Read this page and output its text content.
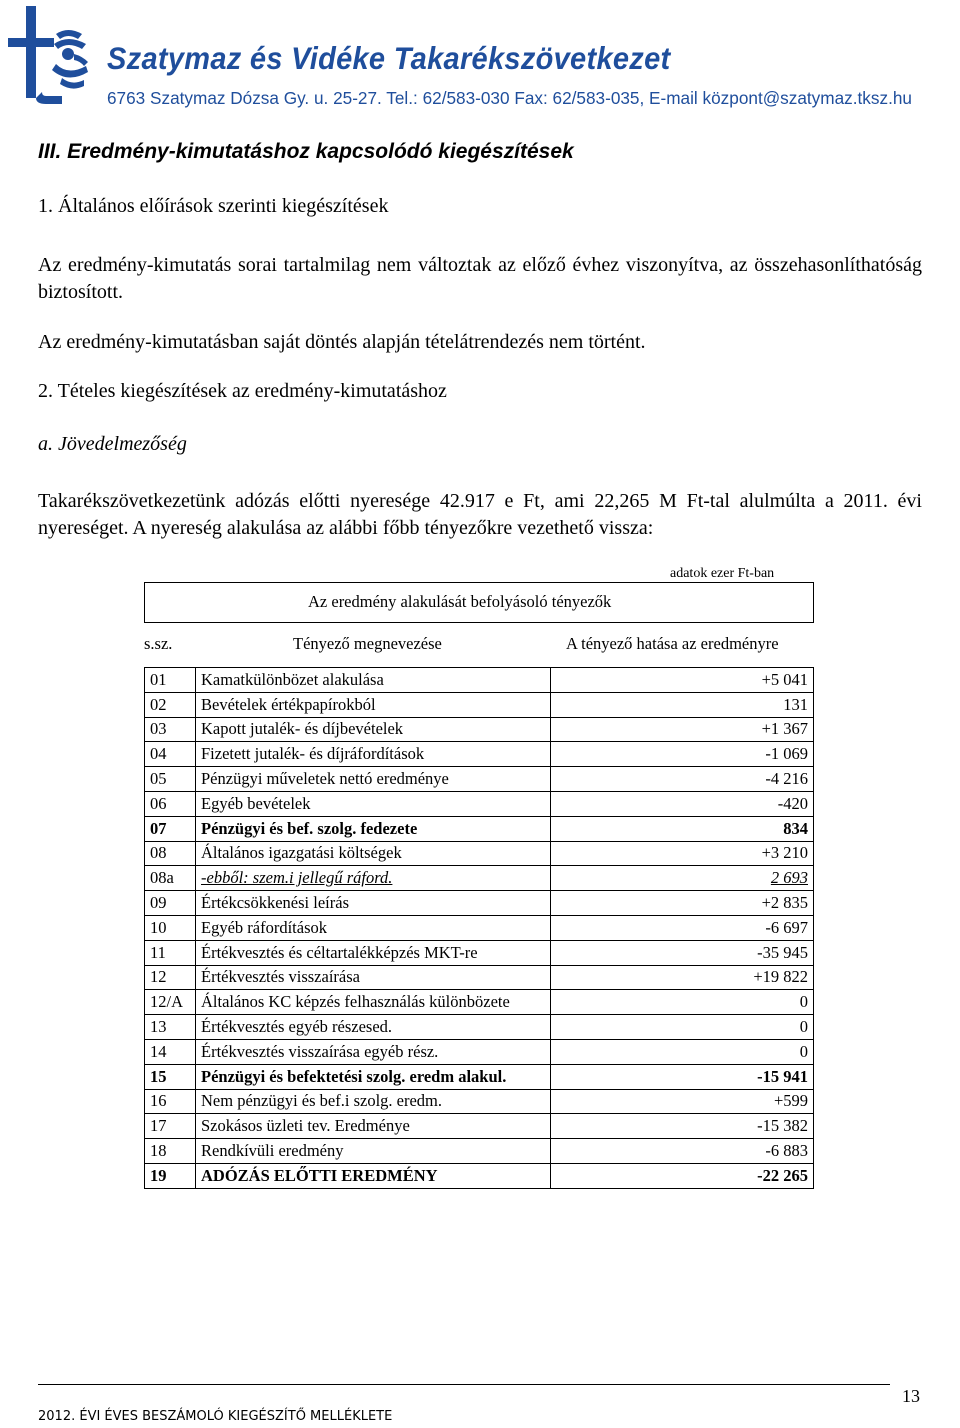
Szatymaz és Vidéke Takarékszövetkezet
6763 Szatymaz Dózsa Gy. u. 25-27. Tel.: 62/583-030 Fax: 62/583-035, E-mail központ@szatymaz.tksz.hu
III. Eredmény-kimutatáshoz kapcsolódó kiegészítések
1. Általános előírások szerinti kiegészítések
Az eredmény-kimutatás sorai tartalmilag nem változtak az előző évhez viszonyítva, az összehasonlíthatóság biztosított.
Az eredmény-kimutatásban saját döntés alapján tételátrendezés nem történt.
2. Tételes kiegészítések az eredmény-kimutatáshoz
a. Jövedelmezőség
Takarékszövetkezetünk adózás előtti nyeresége 42.917 e Ft, ami 22,265 M Ft-tal alulmúlta a 2011. évi nyereséget. A nyereség alakulása az alábbi főbb tényezőkre vezethető vissza:
adatok ezer Ft-ban
Az eredmény alakulását befolyásoló tényezők
s.sz.	Tényező megnevezése	A tényező hatása az eredményre
01	Kamatkülönbözet alakulása	+5 041
02	Bevételek értékpapírokból	131
03	Kapott jutalék- és díjbevételek	+1 367
04	Fizetett jutalék- és díjráfordítások	-1 069
05	Pénzügyi műveletek nettó eredménye	-4 216
06	Egyéb bevételek	-420
07	Pénzügyi és bef. szolg. fedezete	834
08	Általános igazgatási költségek	+3 210
08a	-ebből: szem.i jellegű ráford.	2 693
09	Értékcsökkenési leírás	+2 835
10	Egyéb ráfordítások	-6 697
11	Értékvesztés és céltartalékképzés MKT-re	-35 945
12	Értékvesztés visszaírása	+19 822
12/A	Általános KC képzés felhasználás különbözete	0
13	Értékvesztés egyéb részesed.	0
14	Értékvesztés visszaírása egyéb rész.	0
15	Pénzügyi és befektetési szolg. eredm alakul.	-15 941
16	Nem pénzügyi és bef.i szolg. eredm.	+599
17	Szokásos üzleti tev. Eredménye	-15 382
18	Rendkívüli eredmény	-6 883
19	ADÓZÁS ELŐTTI EREDMÉNY	-22 265
13
2012. ÉVI ÉVES BESZÁMOLÓ KIEGÉSZÍTŐ MELLÉKLETE
